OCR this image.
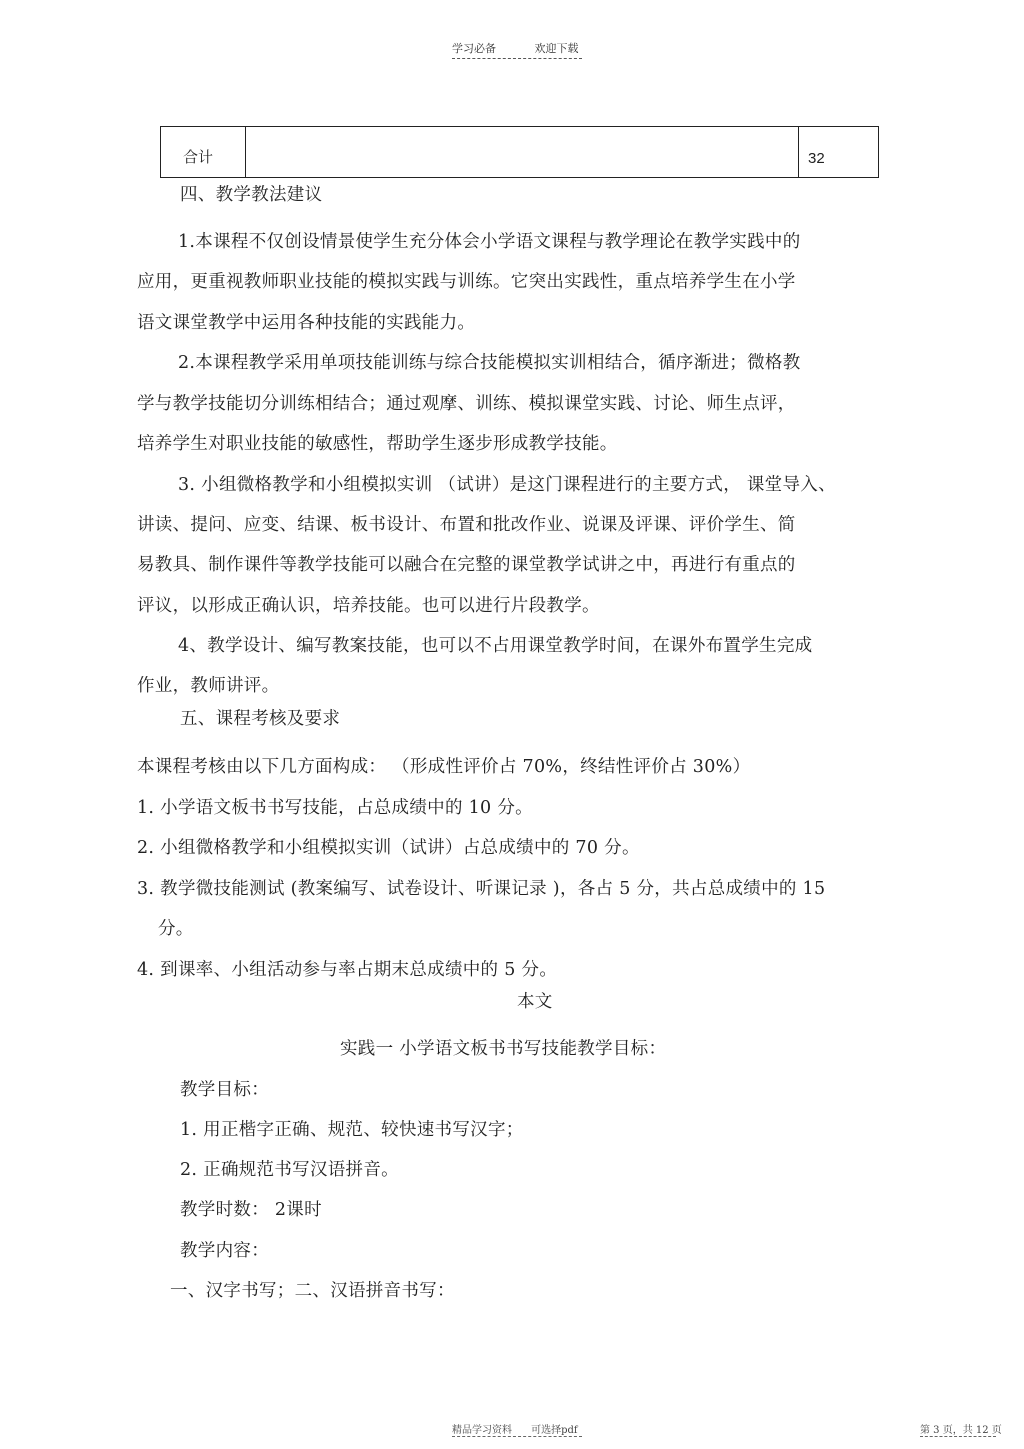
学习必备	欢迎下载
合计		32
四、教学教法建议
1.本课程不仅创设情景使学生充分体会小学语文课程与教学理论在教学实践中的
应用，更重视教师职业技能的模拟实践与训练。它突出实践性，重点培养学生在小学
语文课堂教学中运用各种技能的实践能力。
2.本课程教学采用单项技能训练与综合技能模拟实训相结合，循序渐进；微格教
学与教学技能切分训练相结合；通过观摩、训练、模拟课堂实践、讨论、师生点评，
培养学生对职业技能的敏感性，帮助学生逐步形成教学技能。
3. 小组微格教学和小组模拟实训 （试讲）是这门课程进行的主要方式， 课堂导入、
讲读、提问、应变、结课、板书设计、布置和批改作业、说课及评课、评价学生、简
易教具、制作课件等教学技能可以融合在完整的课堂教学试讲之中，再进行有重点的
评议，以形成正确认识，培养技能。也可以进行片段教学。
4、教学设计、编写教案技能，也可以不占用课堂教学时间，在课外布置学生完成
作业，教师讲评。
五、课程考核及要求
本课程考核由以下几方面构成： （形成性评价占 70%，终结性评价占 30%）
1. 小学语文板书书写技能，占总成绩中的 10 分。
2. 小组微格教学和小组模拟实训（试讲）占总成绩中的 70 分。
3. 教学微技能测试 (教案编写、试卷设计、听课记录 )，各占 5 分，共占总成绩中的 15
分。
4. 到课率、小组活动参与率占期末总成绩中的 5 分。
本文
实践一 小学语文板书书写技能教学目标：
教学目标：
1. 用正楷字正确、规范、较快速书写汉字；
2. 正确规范书写汉语拼音。
教学时数： 2课时
教学内容：
一、汉字书写；二、汉语拼音书写：
精品学习资料      可选择pdf	第 3 页，共 12 页
